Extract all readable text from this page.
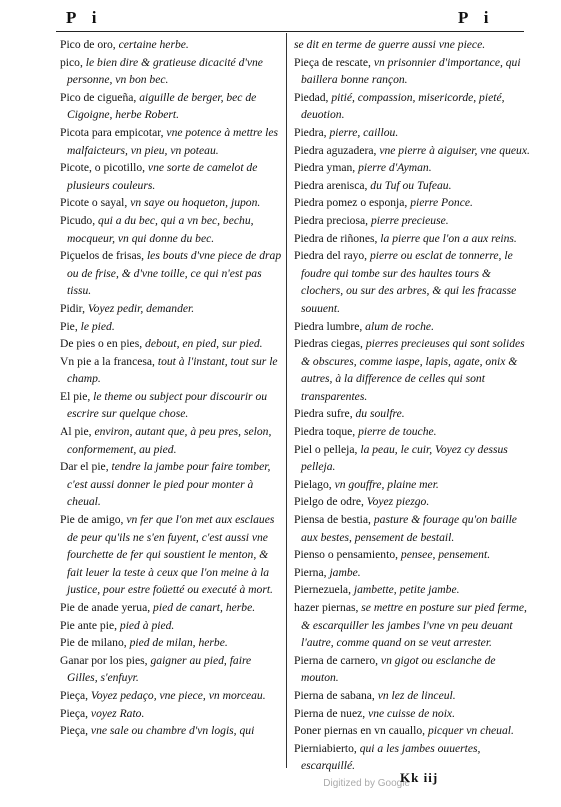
P i	P i
Pico de oro, certaine herbe.
pico, le bien dire & gratieuse dicacité d'vne personne, vn bon bec.
Pico de cigueña, aiguille de berger, bec de Cigoigne, herbe Robert.
Picota para empicotar, vne potence à mettre les malfaicteurs, vn pieu, vn poteau.
Picote, o picotillo, vne sorte de camelot de plusieurs couleurs.
Picote o sayal, vn saye ou hoqueton, jupon.
Picudo, qui a du bec, qui a vn bec, bechu, mocqueur, vn qui donne du bec.
Piçuelos de frisas, les bouts d'vne piece de drap ou de frise, & d'vne toille, ce qui n'est pas tissu.
Pidir, Voyez pedir, demander.
Pie, le pied.
De pies o en pies, debout, en pied, sur pied.
Vn pie a la francesa, tout à l'instant, tout sur le champ.
El pie, le theme ou subject pour discourir ou escrire sur quelque chose.
Al pie, environ, autant que, à peu pres, selon, conformement, au pied.
Dar el pie, tendre la jambe pour faire tomber, c'est aussi donner le pied pour monter à cheual.
Pie de amigo, vn fer que l'on met aux esclaues de peur qu'ils ne s'en fuyent, c'est aussi vne fourchette de fer qui soustient le menton, & fait leuer la teste à ceux que l'on meine à la justice, pour estre foüetté ou executé à mort.
Pie de anade yerua, pied de canart, herbe.
Pie ante pie, pied à pied.
Pie de milano, pied de milan, herbe.
Ganar por los pies, gaigner au pied, faire Gilles, s'enfuyr.
Pieça, Voyez pedaço, vne piece, vn morceau.
Pieça, voyez Rato.
Pieça, vne sale ou chambre d'vn logis, qui
se dit en terme de guerre aussi vne piece.
Pieça de rescate, vn prisonnier d'importance, qui baillera bonne rançon.
Piedad, pitié, compassion, misericorde, pieté, deuotion.
Piedra, pierre, caillou.
Piedra aguzadera, vne pierre à aiguiser, vne queux.
Piedra yman, pierre d'Ayman.
Piedra arenisca, du Tuf ou Tufeau.
Piedra pomez o esponja, pierre Ponce.
Piedra preciosa, pierre precieuse.
Piedra de riñones, la pierre que l'on a aux reins.
Piedra del rayo, pierre ou esclat de tonnerre, le foudre qui tombe sur des haultes tours & clochers, ou sur des arbres, & qui les fracasse souuent.
Piedra lumbre, alum de roche.
Piedras ciegas, pierres precieuses qui sont solides & obscures, comme iaspe, lapis, agate, onix & autres, à la difference de celles qui sont transparentes.
Piedra sufre, du soulfre.
Piedra toque, pierre de touche.
Piel o pelleja, la peau, le cuir, Voyez cy dessus pelleja.
Pielago, vn gouffre, plaine mer.
Pielgo de odre, Voyez piezgo.
Piensa de bestia, pasture & fourage qu'on baille aux bestes, pensement de bestail.
Pienso o pensamiento, pensee, pensement.
Pierna, jambe.
Piernezuela, jambette, petite jambe.
hazer piernas, se mettre en posture sur pied ferme, & escarquiller les jambes l'vne vn peu deuant l'autre, comme quand on se veut arrester.
Pierna de carnero, vn gigot ou esclanche de mouton.
Pierna de sabana, vn lez de linceul.
Pierna de nuez, vne cuisse de noix.
Poner piernas en vn cauallo, picquer vn cheual.
Pierniabierto, qui a les jambes ouuertes, escarquillé.
Digitized by Google
Kk iij
